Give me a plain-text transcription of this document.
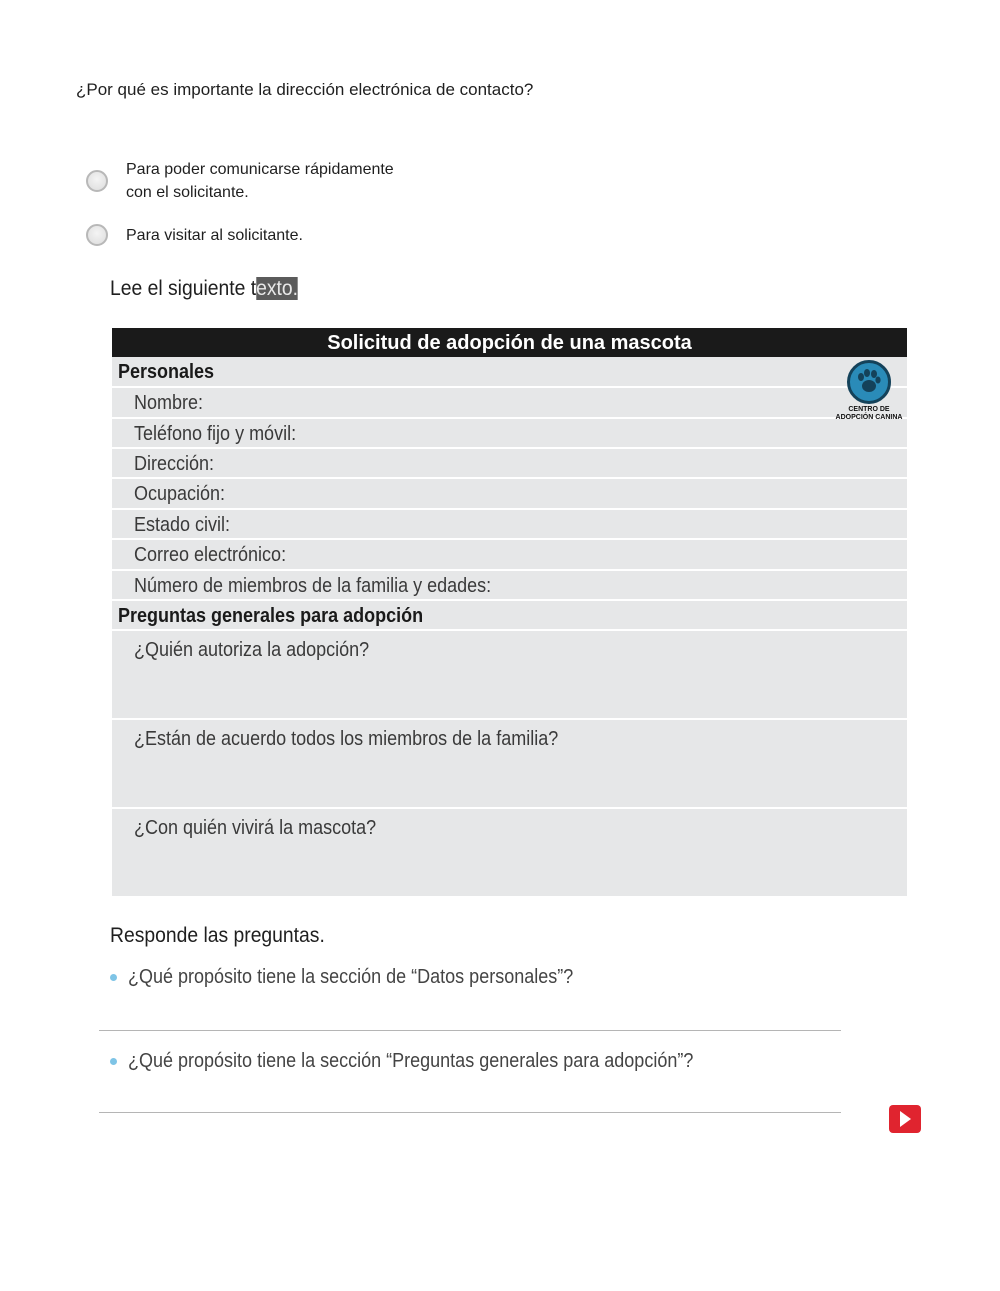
¿Por qué es importante la dirección electrónica de contacto?
Para poder comunicarse rápidamente
con el solicitante.
Para visitar al solicitante.
Lee el siguiente texto.
Solicitud de adopción de una mascota
Personales
Nombre:
Teléfono fijo y móvil:
Dirección:
Ocupación:
Estado civil:
Correo electrónico:
Número de miembros de la familia y edades:
Preguntas generales para adopción
¿Quién autoriza la adopción?
¿Están de acuerdo todos los miembros de la familia?
¿Con quién vivirá la mascota?
CENTRO DE
ADOPCIÓN CANINA
Responde las preguntas.
¿Qué propósito tiene la sección de “Datos personales”?
¿Qué propósito tiene la sección “Preguntas generales para adopción”?
